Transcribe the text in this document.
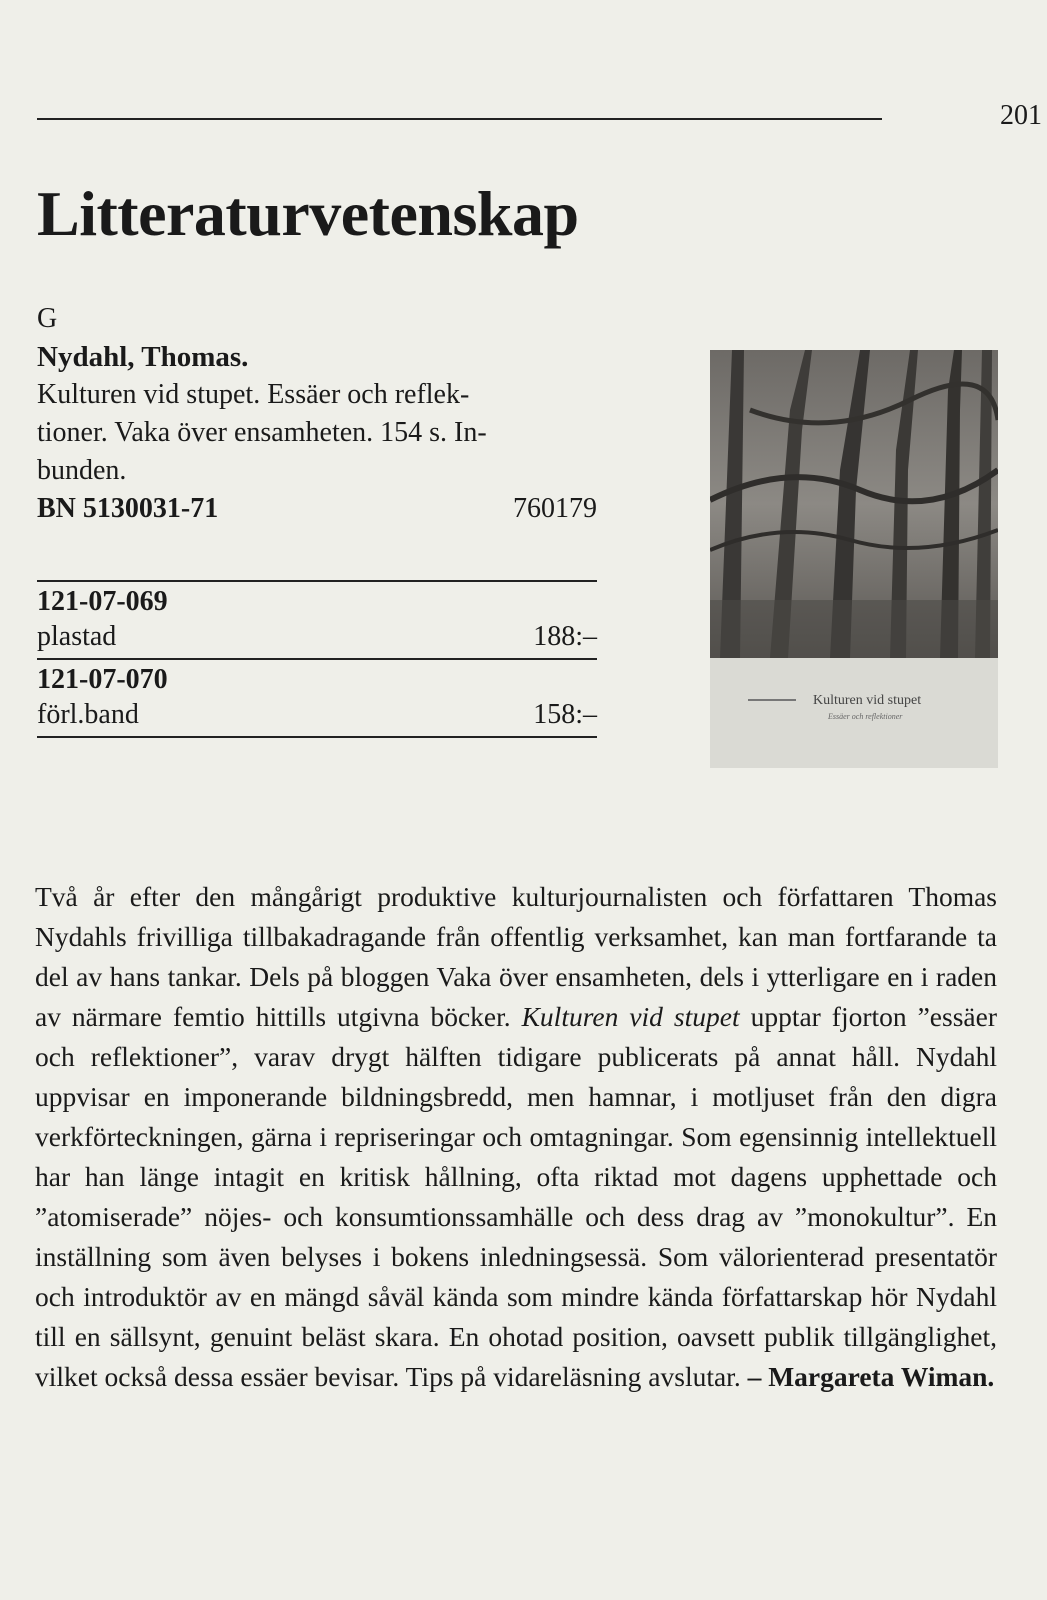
201
Litteraturvetenskap
G
Nydahl, Thomas.
Kulturen vid stupet. Essäer och reflek-
tioner. Vaka över ensamheten. 154 s. In-
bunden.
BN 5130031-71	760179
121-07-069
plastad	188:–
121-07-070
förl.band	158:–	Kulturen vid stupet
Essäer och reflektioner
Två år efter den mångårigt produktive kulturjournalisten och författaren Thomas Nydahls frivilliga tillbakadragande från offentlig verksamhet, kan man fortfarande ta del av hans tankar. Dels på bloggen Vaka över ensamheten, dels i ytterligare en i raden av närmare femtio hittills utgivna böcker. Kulturen vid stupet upptar fjorton ”essäer och reflektioner”, varav drygt hälften tidigare publicerats på annat håll. Nydahl uppvisar en imponerande bildningsbredd, men hamnar, i motljuset från den digra verkförteckningen, gärna i repriseringar och omtagningar. Som egensinnig intellektuell har han länge intagit en kritisk hållning, ofta riktad mot dagens upphettade och ”atomiserade” nöjes- och konsumtionssamhälle och dess drag av ”monokultur”. En inställning som även belyses i bokens inledningsessä. Som välorienterad presentatör och introduktör av en mängd såväl kända som mindre kända författarskap hör Nydahl till en sällsynt, genuint beläst skara. En ohotad position, oavsett publik tillgänglighet, vilket också dessa essäer bevisar. Tips på vidareläsning avslutar. – Margareta Wiman.
